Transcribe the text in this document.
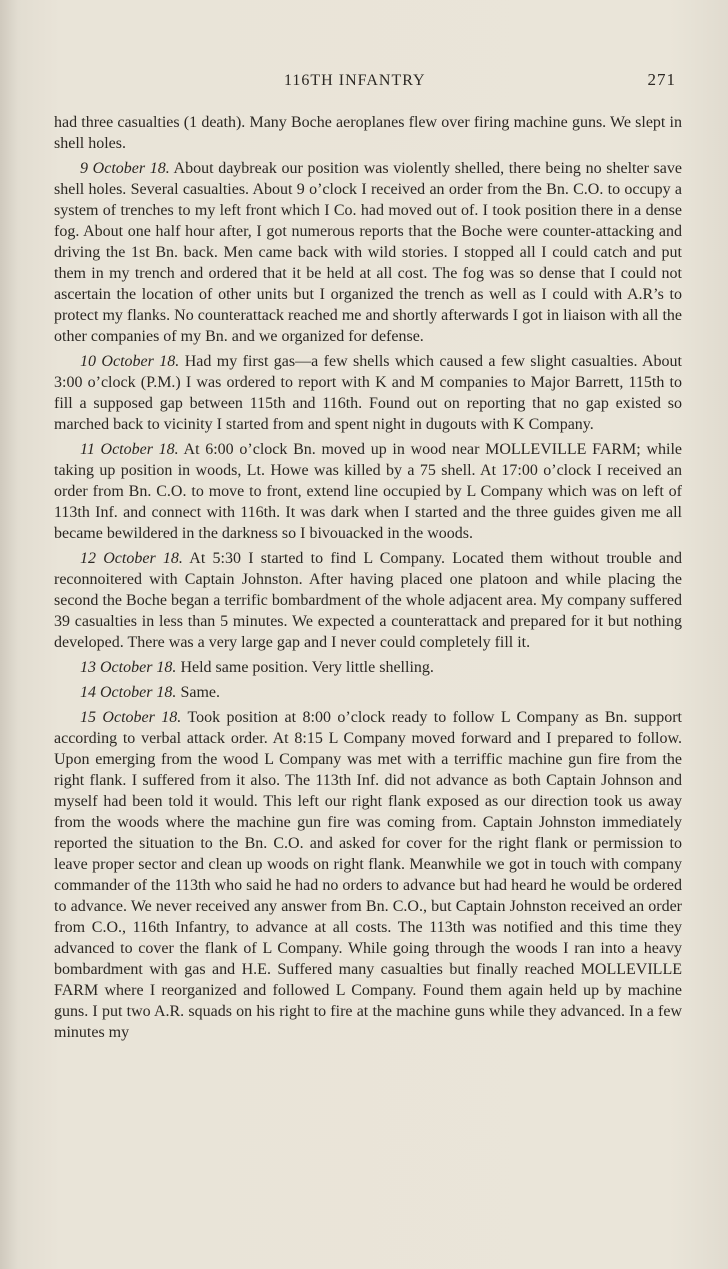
116TH INFANTRY	271

had three casualties (1 death). Many Boche aeroplanes flew over firing machine guns. We slept in shell holes.

9 October 18. About daybreak our position was violently shelled, there being no shelter save shell holes. Several casualties. About 9 o’clock I received an order from the Bn. C.O. to occupy a system of trenches to my left front which I Co. had moved out of. I took position there in a dense fog. About one half hour after, I got numerous reports that the Boche were counter-attacking and driving the 1st Bn. back. Men came back with wild stories. I stopped all I could catch and put them in my trench and ordered that it be held at all cost. The fog was so dense that I could not ascertain the location of other units but I organized the trench as well as I could with A.R’s to protect my flanks. No counterattack reached me and shortly afterwards I got in liaison with all the other companies of my Bn. and we organized for defense.

10 October 18. Had my first gas—a few shells which caused a few slight casualties. About 3:00 o’clock (P.M.) I was ordered to report with K and M companies to Major Barrett, 115th to fill a supposed gap between 115th and 116th. Found out on reporting that no gap existed so marched back to vicinity I started from and spent night in dugouts with K Company.

11 October 18. At 6:00 o’clock Bn. moved up in wood near MOLLEVILLE FARM; while taking up position in woods, Lt. Howe was killed by a 75 shell. At 17:00 o’clock I received an order from Bn. C.O. to move to front, extend line occupied by L Company which was on left of 113th Inf. and connect with 116th. It was dark when I started and the three guides given me all became bewildered in the darkness so I bivouacked in the woods.

12 October 18. At 5:30 I started to find L Company. Located them without trouble and reconnoitered with Captain Johnston. After having placed one platoon and while placing the second the Boche began a terrific bombardment of the whole adjacent area. My company suffered 39 casualties in less than 5 minutes. We expected a counterattack and prepared for it but nothing developed. There was a very large gap and I never could completely fill it.

13 October 18. Held same position. Very little shelling.

14 October 18. Same.

15 October 18. Took position at 8:00 o’clock ready to follow L Company as Bn. support according to verbal attack order. At 8:15 L Company moved forward and I prepared to follow. Upon emerging from the wood L Company was met with a terriffic machine gun fire from the right flank. I suffered from it also. The 113th Inf. did not advance as both Captain Johnson and myself had been told it would. This left our right flank exposed as our direction took us away from the woods where the machine gun fire was coming from. Captain Johnston immediately reported the situation to the Bn. C.O. and asked for cover for the right flank or permission to leave proper sector and clean up woods on right flank. Meanwhile we got in touch with company commander of the 113th who said he had no orders to advance but had heard he would be ordered to advance. We never received any answer from Bn. C.O., but Captain Johnston received an order from C.O., 116th Infantry, to advance at all costs. The 113th was notified and this time they advanced to cover the flank of L Company. While going through the woods I ran into a heavy bombardment with gas and H.E. Suffered many casualties but finally reached MOLLEVILLE FARM where I reorganized and followed L Company. Found them again held up by machine guns. I put two A.R. squads on his right to fire at the machine guns while they advanced. In a few minutes my
